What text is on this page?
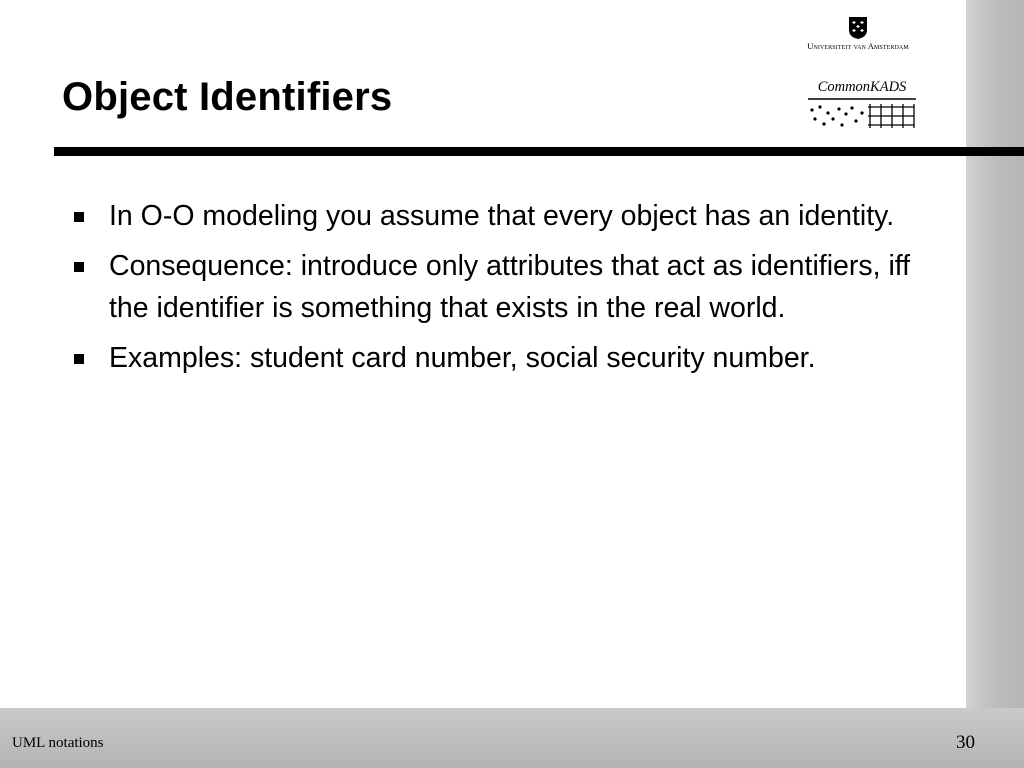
Universiteit van Amsterdam
CommonKADS
Object Identifiers
In O-O modeling you assume that every object has an identity.
Consequence: introduce only attributes that act as identifiers, iff the identifier is something that exists in the real world.
Examples: student card number, social security number.
UML notations	30
